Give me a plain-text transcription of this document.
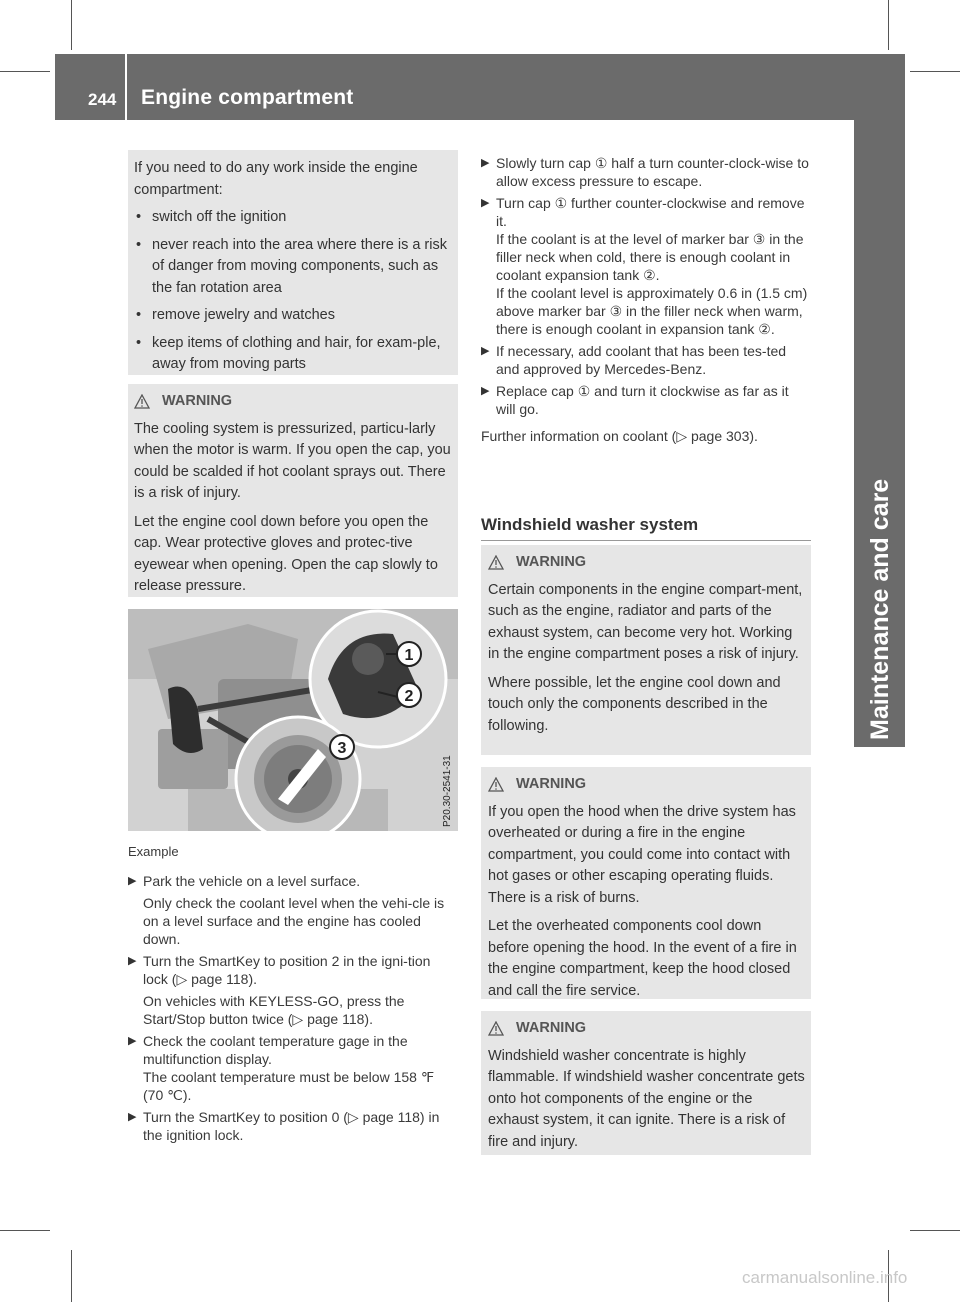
244 Engine compartment
Maintenance and care
If you need to do any work inside the engine compartment:
• switch off the ignition
• never reach into the area where there is a risk of danger from moving components, such as the fan rotation area
• remove jewelry and watches
• keep items of clothing and hair, for exam-ple, away from moving parts
WARNING

The cooling system is pressurized, particu-larly when the motor is warm. If you open the cap, you could be scalded if hot coolant sprays out. There is a risk of injury.

Let the engine cool down before you open the cap. Wear protective gloves and protec-tive eyewear when opening. Open the cap slowly to release pressure.

1
2
3
P20.30-2541-31
Example
▶ Park the vehicle on a level surface.

Only check the coolant level when the vehi-cle is on a level surface and the engine has cooled down.

▶ Turn the SmartKey to position 2 in the igni-tion lock (▷ page 118).

On vehicles with KEYLESS-GO, press the Start/Stop button twice (▷ page 118).

▶ Check the coolant temperature gage in the multifunction display.

The coolant temperature must be below 158 ℉ (70 ℃).

▶ Turn the SmartKey to position 0 (▷ page 118) in the ignition lock.

▶ Slowly turn cap ① half a turn counter-clock-wise to allow excess pressure to escape.

▶ Turn cap ① further counter-clockwise and remove it.

If the coolant is at the level of marker bar ③ in the filler neck when cold, there is enough coolant in coolant expansion tank ②.

If the coolant level is approximately 0.6 in (1.5 cm) above marker bar ③ in the filler neck when warm, there is enough coolant in expansion tank ②.

▶ If necessary, add coolant that has been tes-ted and approved by Mercedes-Benz.

▶ Replace cap ① and turn it clockwise as far as it will go.

Further information on coolant (▷ page 303).

Windshield washer system
WARNING

Certain components in the engine compart-ment, such as the engine, radiator and parts of the exhaust system, can become very hot. Working in the engine compartment poses a risk of injury.

Where possible, let the engine cool down and touch only the components described in the following.

WARNING

If you open the hood when the drive system has overheated or during a fire in the engine compartment, you could come into contact with hot gases or other escaping operating fluids. There is a risk of burns.

Let the overheated components cool down before opening the hood. In the event of a fire in the engine compartment, keep the hood closed and call the fire service.

WARNING

Windshield washer concentrate is highly flammable. If windshield washer concentrate gets onto hot components of the engine or the exhaust system, it can ignite. There is a risk of fire and injury.

carmanualsonline.info
